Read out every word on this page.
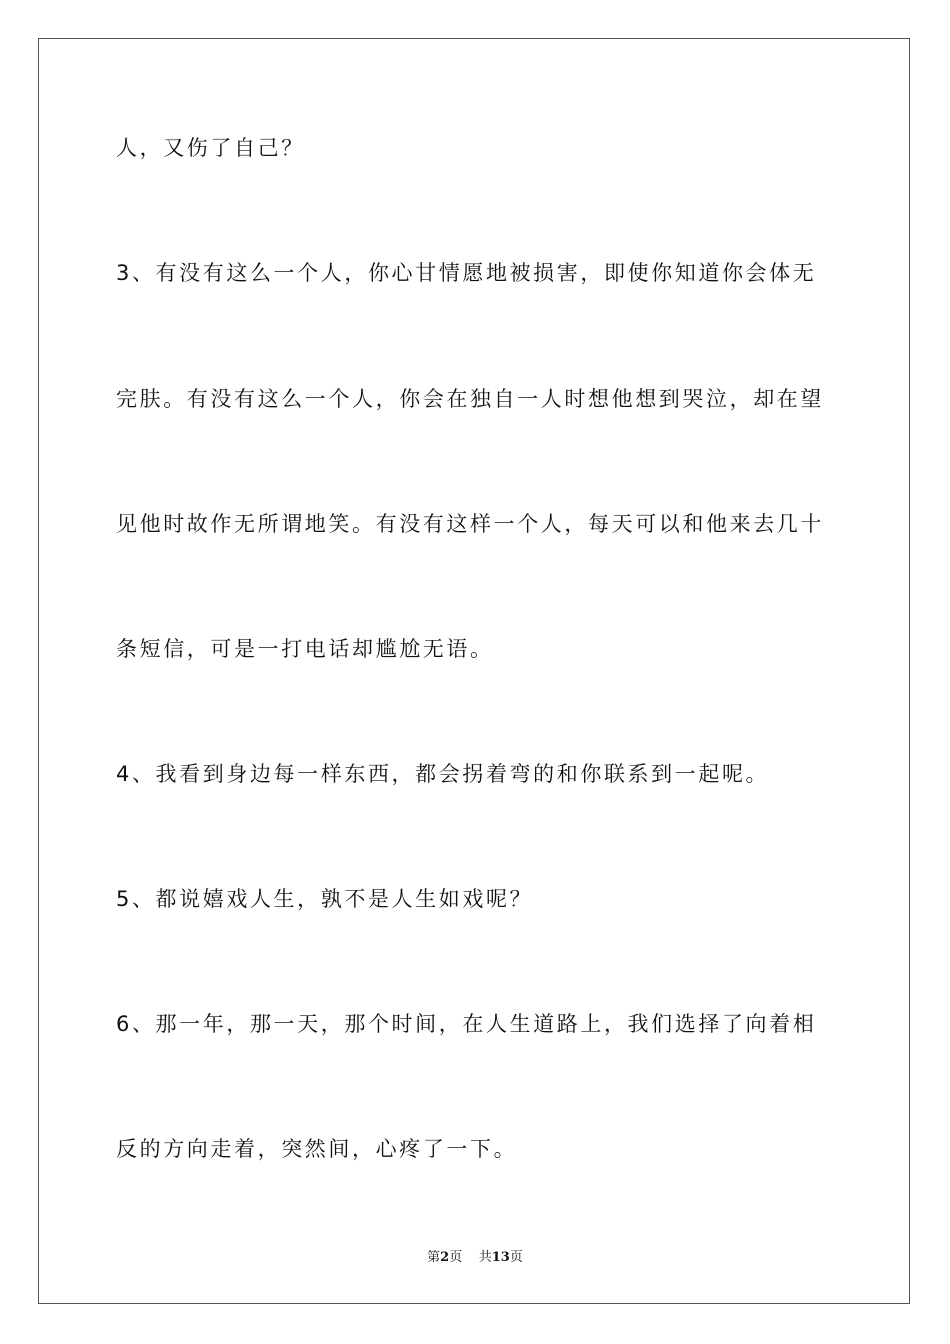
人，又伤了自己？
3、有没有这么一个人，你心甘情愿地被损害，即使你知道你会体无
完肤。有没有这么一个人，你会在独自一人时想他想到哭泣，却在望
见他时故作无所谓地笑。有没有这样一个人，每天可以和他来去几十
条短信，可是一打电话却尴尬无语。
4、我看到身边每一样东西，都会拐着弯的和你联系到一起呢。
5、都说嬉戏人生，孰不是人生如戏呢？
6、那一年，那一天，那个时间，在人生道路上，我们选择了向着相
反的方向走着，突然间，心疼了一下。
第2页 共13页
